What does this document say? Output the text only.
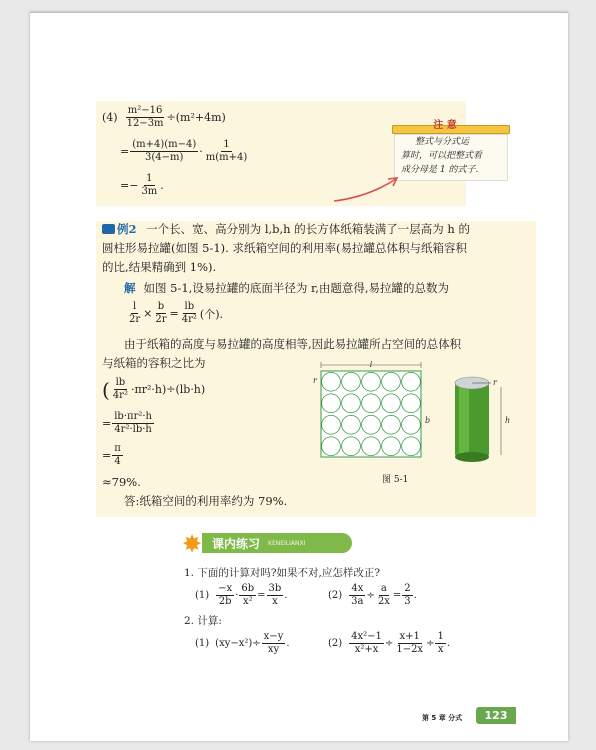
$(4) \frac{\text{m²−16}}{12-3m} \div(m^2+4m)$
= $\frac{(m+4)(m-4)}{3(4-m)} \cdot \frac{1}{m(m+4)}$
=− $\frac{1}{3m}$ .
注 意
整式与分式运
算时，可以把整式看
成分母是 1 的式子.
例2 一个长、宽、高分别为 l,b,h 的长方体纸箱装满了一层高为 h 的
圆柱形易拉罐(如图 5-1). 求纸箱空间的利用率(易拉罐总体积与纸箱容积
的比,结果精确到 1%).
解 如图 5-1,设易拉罐的底面半径为 r,由题意得,易拉罐的总数为
$\frac{l}{2r} \times \frac{b}{2r} = \frac{lb}{\text{4r²}}$ (个).
由于纸箱的高度与易拉罐的高度相等,因此易拉罐所占空间的总体积
与纸箱的容积之比为
( $\frac{lb}{\text{4r²}} \cdot\pi r^2\cdot h$ )÷(lb·h)
= $\frac{\text{lb·πr²·h}}{\text{4r²·lb·h}}$
= $\frac{\pi}{4}$
≈79%.
答:纸箱空间的利用率约为 79%.
l
b
r	r
h
图 5-1
✸ 课内练习 KENEILIANXI
1. 下面的计算对吗?如果不对,应怎样改正?
$(1) \frac{-x}{2b} \cdot \frac{6b}{\text{x²}} = \frac{3b}{x}$ .	$(2) \frac{4x}{3a} \div \frac{a}{2x} = \frac{2}{3}$ .
2. 计算:
(1) $(xy-x^2)\div \frac{x-y}{xy}$ .	$(2) \frac{\text{4x²−1}}{\text{x²+x}} \div \frac{x+1}{1-2x} \div \frac{1}{x}$ .
第 5 章 分式 123
